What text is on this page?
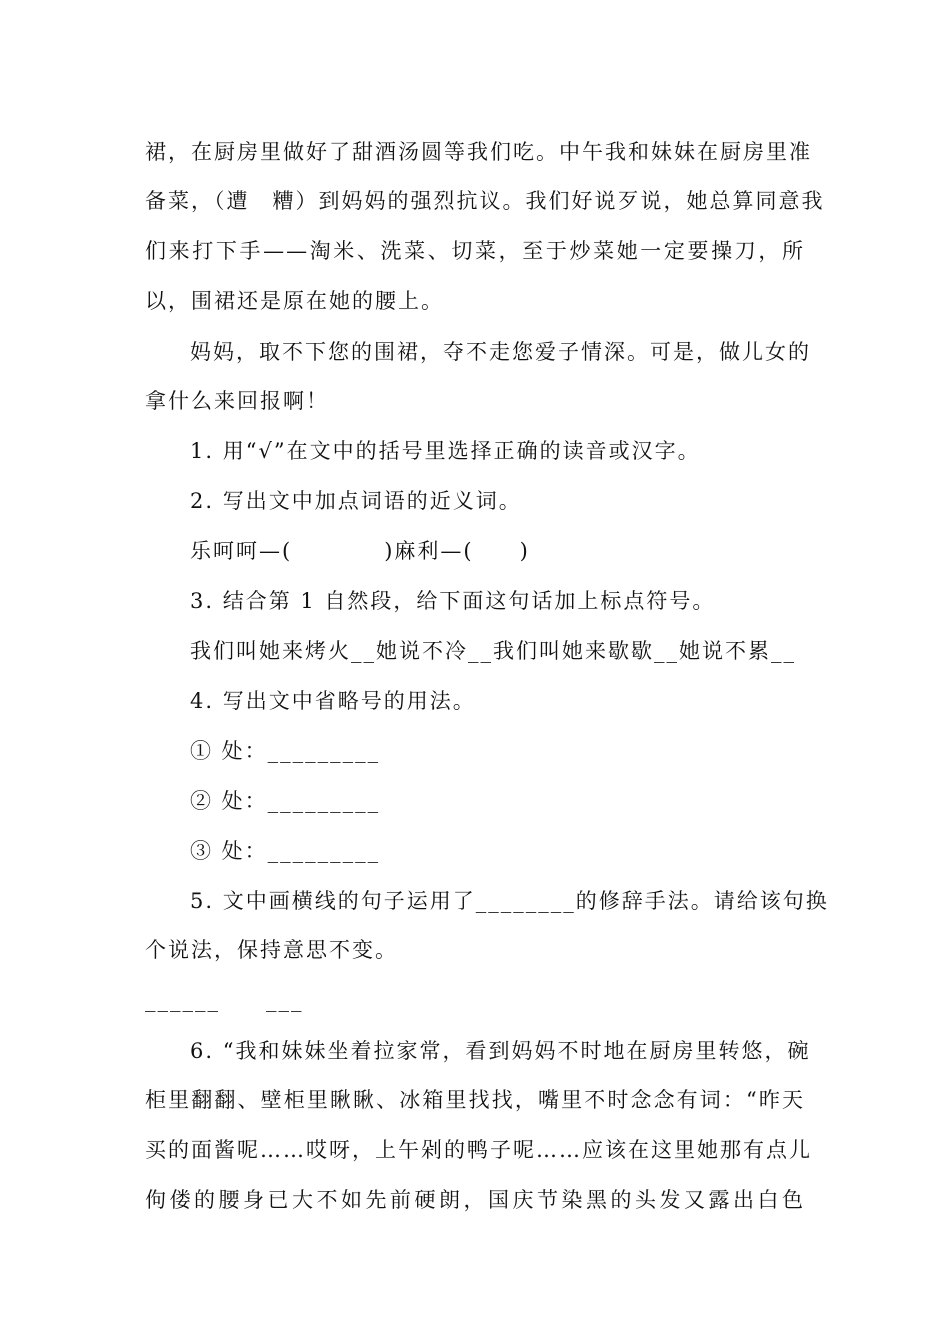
裙，在厨房里做好了甜酒汤圆等我们吃。中午我和妹妹在厨房里准
备菜，（遭　糟）到妈妈的强烈抗议。我们好说歹说，她总算同意我
们来打下手——淘米、洗菜、切菜，至于炒菜她一定要操刀，所
以，围裙还是原在她的腰上。
妈妈，取不下您的围裙，夺不走您爱子情深。可是，做儿女的
拿什么来回报啊！
1. 用“√”在文中的括号里选择正确的读音或汉字。
2. 写出文中加点词语的近义词。
乐呵呵—(　　　　)麻利—(　　)
3. 结合第 1 自然段，给下面这句话加上标点符号。
我们叫她来烤火__她说不冷__我们叫她来歇歇__她说不累__
4. 写出文中省略号的用法。
① 处：_________
② 处：_________
③ 处：_________
5. 文中画横线的句子运用了________的修辞手法。请给该句换
个说法，保持意思不变。
______　　___
6. “我和妹妹坐着拉家常，看到妈妈不时地在厨房里转悠，碗
柜里翻翻、壁柜里瞅瞅、冰箱里找找，嘴里不时念念有词：“昨天
买的面酱呢……哎呀，上午剁的鸭子呢……应该在这里她那有点儿
佝偻的腰身已大不如先前硬朗，国庆节染黑的头发又露出白色
